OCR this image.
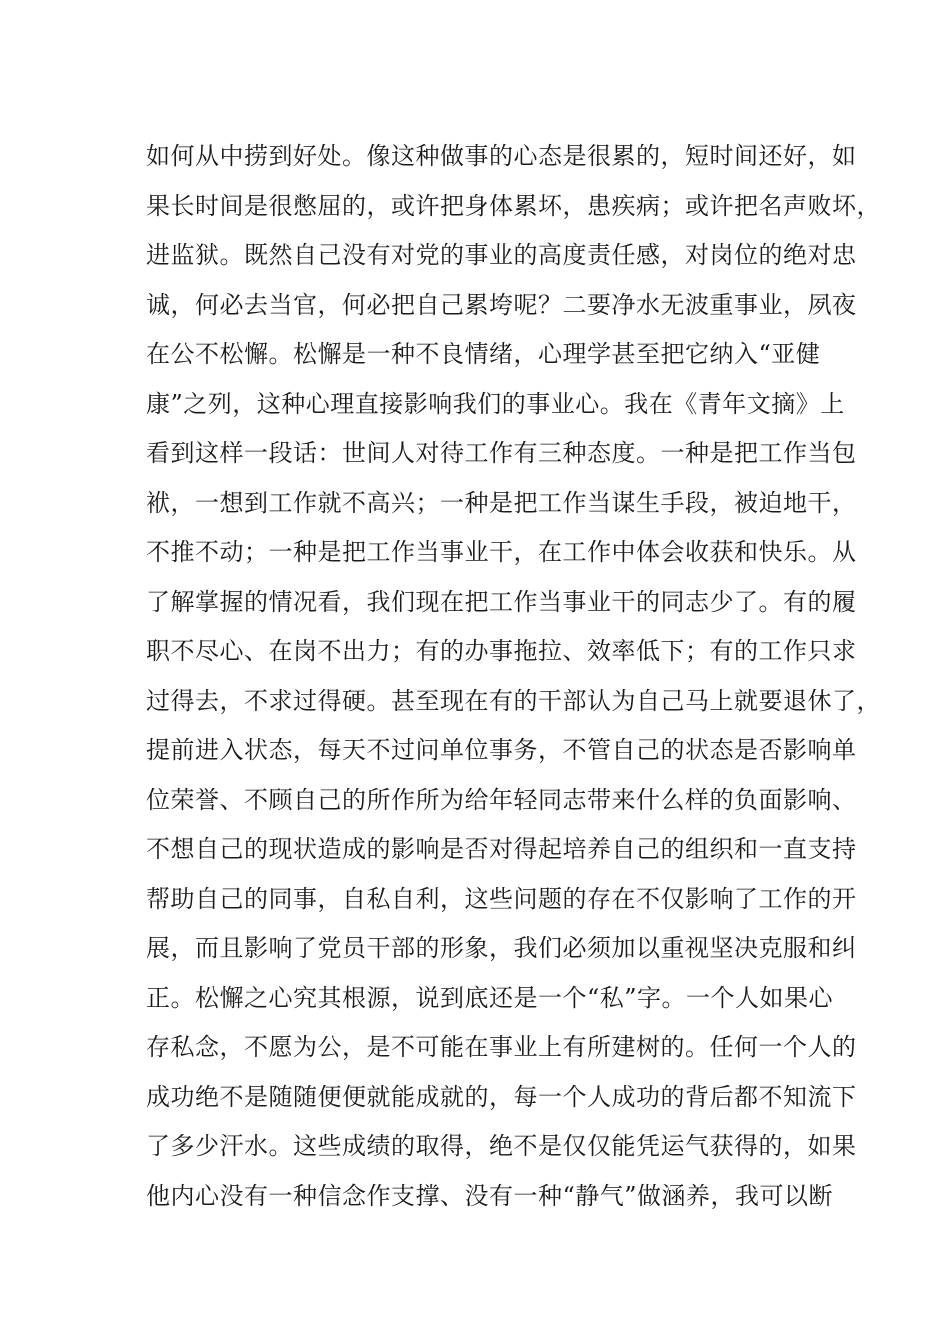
如何从中捞到好处。像这种做事的心态是很累的，短时间还好，如
果长时间是很憋屈的，或许把身体累坏，患疾病；或许把名声败坏，
进监狱。既然自己没有对党的事业的高度责任感，对岗位的绝对忠
诚，何必去当官，何必把自己累垮呢？二要净水无波重事业，夙夜
在公不松懈。松懈是一种不良情绪，心理学甚至把它纳入“亚健
康”之列，这种心理直接影响我们的事业心。我在《青年文摘》上
看到这样一段话：世间人对待工作有三种态度。一种是把工作当包
袱，一想到工作就不高兴；一种是把工作当谋生手段，被迫地干，
不推不动；一种是把工作当事业干，在工作中体会收获和快乐。从
了解掌握的情况看，我们现在把工作当事业干的同志少了。有的履
职不尽心、在岗不出力；有的办事拖拉、效率低下；有的工作只求
过得去，不求过得硬。甚至现在有的干部认为自己马上就要退休了，
提前进入状态，每天不过问单位事务，不管自己的状态是否影响单
位荣誉、不顾自己的所作所为给年轻同志带来什么样的负面影响、
不想自己的现状造成的影响是否对得起培养自己的组织和一直支持
帮助自己的同事，自私自利，这些问题的存在不仅影响了工作的开
展，而且影响了党员干部的形象，我们必须加以重视坚决克服和纠
正。松懈之心究其根源，说到底还是一个“私”字。一个人如果心
存私念，不愿为公，是不可能在事业上有所建树的。任何一个人的
成功绝不是随随便便就能成就的，每一个人成功的背后都不知流下
了多少汗水。这些成绩的取得，绝不是仅仅能凭运气获得的，如果
他内心没有一种信念作支撑、没有一种“静气”做涵养，我可以断
